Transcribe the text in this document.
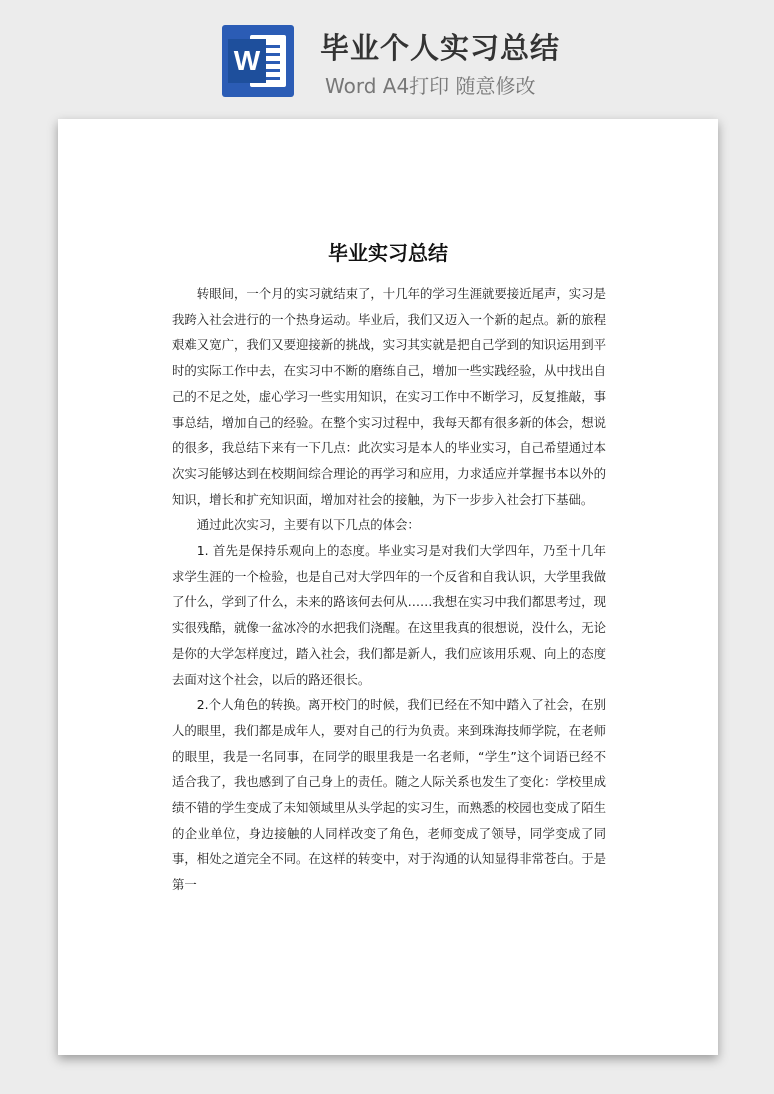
W 毕业个人实习总结
Word A4打印 随意修改
毕业实习总结

转眼间，一个月的实习就结束了，十几年的学习生涯就要接近尾声，实习是我跨入社会进行的一个热身运动。毕业后，我们又迈入一个新的起点。新的旅程艰难又宽广，我们又要迎接新的挑战，实习其实就是把自己学到的知识运用到平时的实际工作中去，在实习中不断的磨练自己，增加一些实践经验，从中找出自己的不足之处，虚心学习一些实用知识，在实习工作中不断学习，反复推敲，事事总结，增加自己的经验。在整个实习过程中，我每天都有很多新的体会，想说的很多，我总结下来有一下几点：此次实习是本人的毕业实习，自己希望通过本次实习能够达到在校期间综合理论的再学习和应用，力求适应并掌握书本以外的知识，增长和扩充知识面，增加对社会的接触，为下一步步入社会打下基础。

通过此次实习，主要有以下几点的体会：

1. 首先是保持乐观向上的态度。毕业实习是对我们大学四年，乃至十几年求学生涯的一个检验，也是自己对大学四年的一个反省和自我认识，大学里我做了什么，学到了什么，未来的路该何去何从……我想在实习中我们都思考过，现实很残酷，就像一盆冰冷的水把我们浇醒。在这里我真的很想说，没什么，无论是你的大学怎样度过，踏入社会，我们都是新人，我们应该用乐观、向上的态度去面对这个社会，以后的路还很长。

2.个人角色的转换。离开校门的时候，我们已经在不知中踏入了社会，在别人的眼里，我们都是成年人，要对自己的行为负责。来到珠海技师学院，在老师的眼里，我是一名同事，在同学的眼里我是一名老师，“学生”这个词语已经不适合我了，我也感到了自己身上的责任。随之人际关系也发生了变化：学校里成绩不错的学生变成了未知领域里从头学起的实习生，而熟悉的校园也变成了陌生的企业单位，身边接触的人同样改变了角色，老师变成了领导，同学变成了同事，相处之道完全不同。在这样的转变中，对于沟通的认知显得非常苍白。于是第一
